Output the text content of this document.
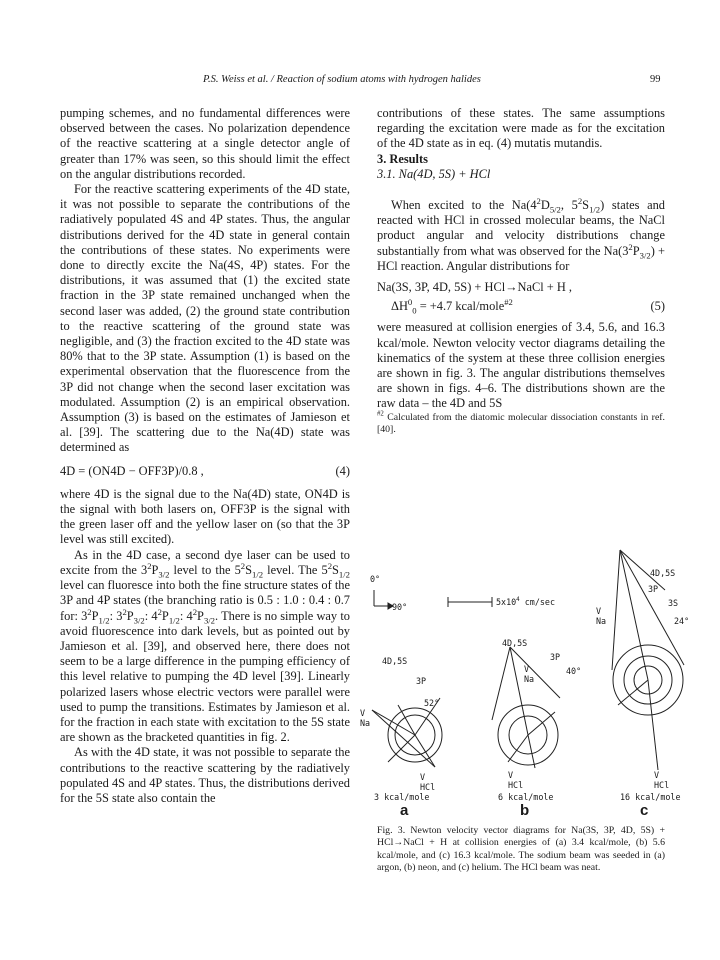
P.S. Weiss et al. / Reaction of sodium atoms with hydrogen halides	99

pumping schemes, and no fundamental differences were observed between the cases. No polarization dependence of the reactive scattering at a single detector angle of greater than 17% was seen, so this should limit the effect on the angular distributions recorded.

For the reactive scattering experiments of the 4D state, it was not possible to separate the contributions of the radiatively populated 4S and 4P states. Thus, the angular distributions derived for the 4D state in general contain the contributions of these states. No experiments were done to directly excite the Na(4S, 4P) states. For the distributions, it was assumed that (1) the excited state fraction in the 3P state remained unchanged when the second laser was added, (2) the ground state contribution to the reactive scattering of the ground state was negligible, and (3) the fraction excited to the 4D state was 80% that to the 3P state. Assumption (1) is based on the experimental observation that the fluorescence from the 3P did not change when the second laser excitation was modulated. Assumption (2) is an empirical observation. Assumption (3) is based on the estimates of Jamieson et al. [39]. The scattering due to the Na(4D) state was determined as

4D = (ON4D − OFF3P)/0.8 ,	(4)

where 4D is the signal due to the Na(4D) state, ON4D is the signal with both lasers on, OFF3P is the signal with the green laser off and the yellow laser on (so that the 3P level was still excited).

As in the 4D case, a second dye laser can be used to excite from the $3^2P_{3/2}$ level to the $5^2S_{1/2}$ level. The $5^2S_{1/2}$ level can fluoresce into both the fine structure states of the 3P and 4P states (the branching ratio is 0.5 : 1.0 : 0.4 : 0.7 for: $3^2P_{1/2}$: $3^2P_{3/2}$: $4^2P_{1/2}$: $4^2P_{3/2}$. There is no simple way to avoid fluorescence into dark levels, but as pointed out by Jamieson et al. [39], and observed here, there does not seem to be a large difference in the pumping efficiency of this level relative to pumping the 4D level [39]. Linearly polarized lasers whose electric vectors were parallel were used to pump the transitions. Estimates by Jamieson et al. for the fraction in each state with excitation to the 5S state are shown as the bracketed quantities in fig. 2.

As with the 4D state, it was not possible to separate the contributions to the reactive scattering by the radiatively populated 4S and 4P states. Thus, the distributions derived for the 5S state also contain the

contributions of these states. The same assumptions regarding the excitation were made as for the excitation of the 4D state as in eq. (4) mutatis mutandis.

3. Results

3.1. Na(4D, 5S) + HCl

When excited to the $Na(4^2D_{5/2}$, $5^2S_{1/2}$) states and reacted with HCl in crossed molecular beams, the NaCl product angular and velocity distributions change substantially from what was observed for the $Na(3^2P_{3/2})$ + HCl reaction. Angular distributions for

Na(3S, 3P, 4D, 5S) + HCl→NaCl + H ,

$\Delta H^0_0 = +4.7$ kcal/mole$^{\#2}$	(5)

were measured at collision energies of 3.4, 5.6, and 16.3 kcal/mole. Newton velocity vector diagrams detailing the kinematics of the system at these three collision energies are shown in fig. 3. The angular distributions themselves are shown in figs. 4–6. The distributions shown are the raw data – the 4D and 5S

$^{\#2}$ Calculated from the diatomic molecular dissociation constants in ref. [40].

0°
90°	$5x10^4$ cm/sec
4D,5S
3P
52°
V
Na
V
HCl
3 kcal/mole
a
4D,5S
3P
40°
V
Na
V
HCl
6 kcal/mole
b
4D,5S
3P
3S
24°
V
Na
V
HCl
16 kcal/mole
c
Fig. 3. Newton velocity vector diagrams for Na(3S, 3P, 4D, 5S) + HCl→NaCl + H at collision energies of (a) 3.4 kcal/mole, (b) 5.6 kcal/mole, and (c) 16.3 kcal/mole. The sodium beam was seeded in (a) argon, (b) neon, and (c) helium. The HCl beam was neat.
